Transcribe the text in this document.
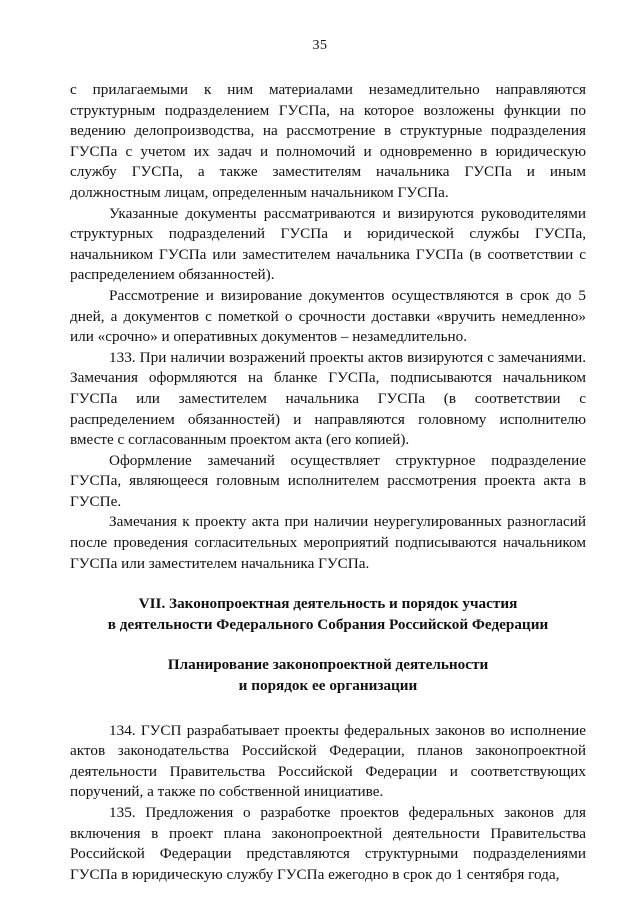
35

с прилагаемыми к ним материалами незамедлительно направляются структурным подразделением ГУСПа, на которое возложены функции по ведению делопроизводства, на рассмотрение в структурные подразделения ГУСПа с учетом их задач и полномочий и одновременно в юридическую службу ГУСПа, а также заместителям начальника ГУСПа и иным должностным лицам, определенным начальником ГУСПа.

Указанные документы рассматриваются и визируются руководителями структурных подразделений ГУСПа и юридической службы ГУСПа, начальником ГУСПа или заместителем начальника ГУСПа (в соответствии с распределением обязанностей).

Рассмотрение и визирование документов осуществляются в срок до 5 дней, а документов с пометкой о срочности доставки «вручить немедленно» или «срочно» и оперативных документов – незамедлительно.

133. При наличии возражений проекты актов визируются с замечаниями. Замечания оформляются на бланке ГУСПа, подписываются начальником ГУСПа или заместителем начальника ГУСПа (в соответствии с распределением обязанностей) и направляются головному исполнителю вместе с согласованным проектом акта (его копией).

Оформление замечаний осуществляет структурное подразделение ГУСПа, являющееся головным исполнителем рассмотрения проекта акта в ГУСПе.

Замечания к проекту акта при наличии неурегулированных разногласий после проведения согласительных мероприятий подписываются начальником ГУСПа или заместителем начальника ГУСПа.

VII. Законопроектная деятельность и порядок участия

в деятельности Федерального Собрания Российской Федерации

Планирование законопроектной деятельности

и порядок ее организации

134. ГУСП разрабатывает проекты федеральных законов во исполнение актов законодательства Российской Федерации, планов законопроектной деятельности Правительства Российской Федерации и соответствующих поручений, а также по собственной инициативе.

135. Предложения о разработке проектов федеральных законов для включения в проект плана законопроектной деятельности Правительства Российской Федерации представляются структурными подразделениями ГУСПа в юридическую службу ГУСПа ежегодно в срок до 1 сентября года,
